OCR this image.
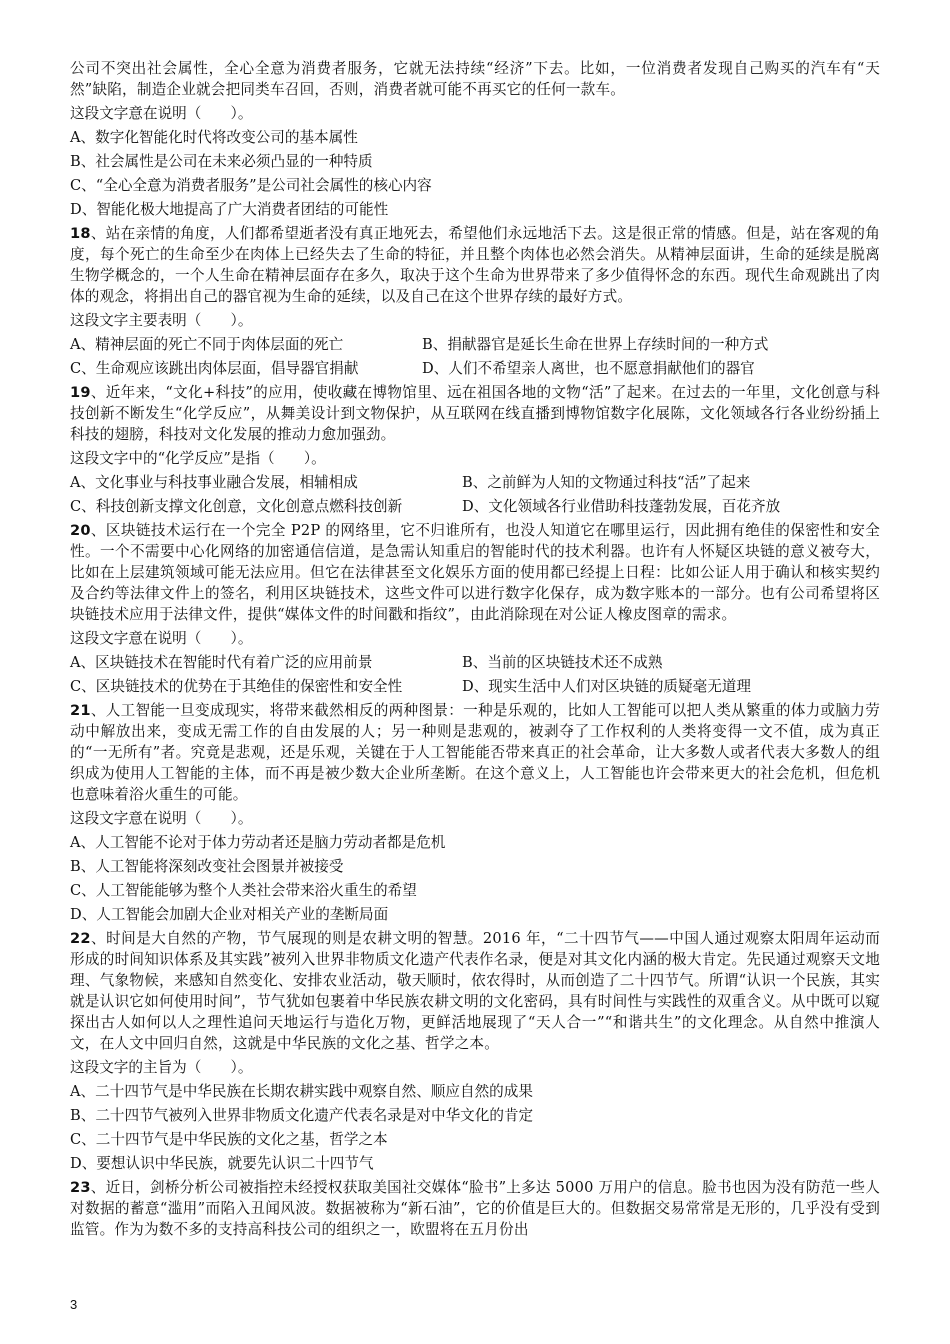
公司不突出社会属性，全心全意为消费者服务，它就无法持续“经济”下去。比如，一位消费者发现自己购买的汽车有“天然”缺陷，制造企业就会把同类车召回，否则，消费者就可能不再买它的任何一款车。

这段文字意在说明（　　）。

A、数字化智能化时代将改变公司的基本属性

B、社会属性是公司在未来必须凸显的一种特质

C、“全心全意为消费者服务”是公司社会属性的核心内容

D、智能化极大地提高了广大消费者团结的可能性

18、站在亲情的角度，人们都希望逝者没有真正地死去，希望他们永远地活下去。这是很正常的情感。但是，站在客观的角度，每个死亡的生命至少在肉体上已经失去了生命的特征，并且整个肉体也必然会消失。从精神层面讲，生命的延续是脱离生物学概念的，一个人生命在精神层面存在多久，取决于这个生命为世界带来了多少值得怀念的东西。现代生命观跳出了肉体的观念，将捐出自己的器官视为生命的延续，以及自己在这个世界存续的最好方式。

这段文字主要表明（　　）。

A、精神层面的死亡不同于肉体层面的死亡	B、捐献器官是延长生命在世界上存续时间的一种方式
C、生命观应该跳出肉体层面，倡导器官捐献	D、人们不希望亲人离世，也不愿意捐献他们的器官

19、近年来，“文化+科技”的应用，使收藏在博物馆里、远在祖国各地的文物“活”了起来。在过去的一年里，文化创意与科技创新不断发生“化学反应”，从舞美设计到文物保护，从互联网在线直播到博物馆数字化展陈，文化领域各行各业纷纷插上科技的翅膀，科技对文化发展的推动力愈加强劲。

这段文字中的“化学反应”是指（　　）。

A、文化事业与科技事业融合发展，相辅相成	B、之前鲜为人知的文物通过科技“活”了起来
C、科技创新支撑文化创意，文化创意点燃科技创新	D、文化领域各行业借助科技蓬勃发展，百花齐放

20、区块链技术运行在一个完全 P2P 的网络里，它不归谁所有，也没人知道它在哪里运行，因此拥有绝佳的保密性和安全性。一个不需要中心化网络的加密通信信道，是急需认知重启的智能时代的技术利器。也许有人怀疑区块链的意义被夸大，比如在上层建筑领域可能无法应用。但它在法律甚至文化娱乐方面的使用都已经提上日程：比如公证人用于确认和核实契约及合约等法律文件上的签名，利用区块链技术，这些文件可以进行数字化保存，成为数字账本的一部分。也有公司希望将区块链技术应用于法律文件，提供“媒体文件的时间戳和指纹”，由此消除现在对公证人橡皮图章的需求。

这段文字意在说明（　　）。

A、区块链技术在智能时代有着广泛的应用前景	B、当前的区块链技术还不成熟
C、区块链技术的优势在于其绝佳的保密性和安全性	D、现实生活中人们对区块链的质疑毫无道理

21、人工智能一旦变成现实，将带来截然相反的两种图景：一种是乐观的，比如人工智能可以把人类从繁重的体力或脑力劳动中解放出来，变成无需工作的自由发展的人；另一种则是悲观的，被剥夺了工作权利的人类将变得一文不值，成为真正的“一无所有”者。究竟是悲观，还是乐观，关键在于人工智能能否带来真正的社会革命，让大多数人或者代表大多数人的组织成为使用人工智能的主体，而不再是被少数大企业所垄断。在这个意义上，人工智能也许会带来更大的社会危机，但危机也意味着浴火重生的可能。

这段文字意在说明（　　）。

A、人工智能不论对于体力劳动者还是脑力劳动者都是危机

B、人工智能将深刻改变社会图景并被接受

C、人工智能能够为整个人类社会带来浴火重生的希望

D、人工智能会加剧大企业对相关产业的垄断局面

22、时间是大自然的产物，节气展现的则是农耕文明的智慧。2016 年，“二十四节气——中国人通过观察太阳周年运动而形成的时间知识体系及其实践”被列入世界非物质文化遗产代表作名录，便是对其文化内涵的极大肯定。先民通过观察天文地理、气象物候，来感知自然变化、安排农业活动，敬天顺时，依农得时，从而创造了二十四节气。所谓“认识一个民族，其实就是认识它如何使用时间”，节气犹如包裹着中华民族农耕文明的文化密码，具有时间性与实践性的双重含义。从中既可以窥探出古人如何以人之理性追问天地运行与造化万物，更鲜活地展现了“天人合一”“和谐共生”的文化理念。从自然中推演人文，在人文中回归自然，这就是中华民族的文化之基、哲学之本。

这段文字的主旨为（　　）。

A、二十四节气是中华民族在长期农耕实践中观察自然、顺应自然的成果

B、二十四节气被列入世界非物质文化遗产代表名录是对中华文化的肯定

C、二十四节气是中华民族的文化之基，哲学之本

D、要想认识中华民族，就要先认识二十四节气

23、近日，剑桥分析公司被指控未经授权获取美国社交媒体“脸书”上多达 5000 万用户的信息。脸书也因为没有防范一些人对数据的蓄意“滥用”而陷入丑闻风波。数据被称为“新石油”，它的价值是巨大的。但数据交易常常是无形的，几乎没有受到监管。作为为数不多的支持高科技公司的组织之一，欧盟将在五月份出

3
